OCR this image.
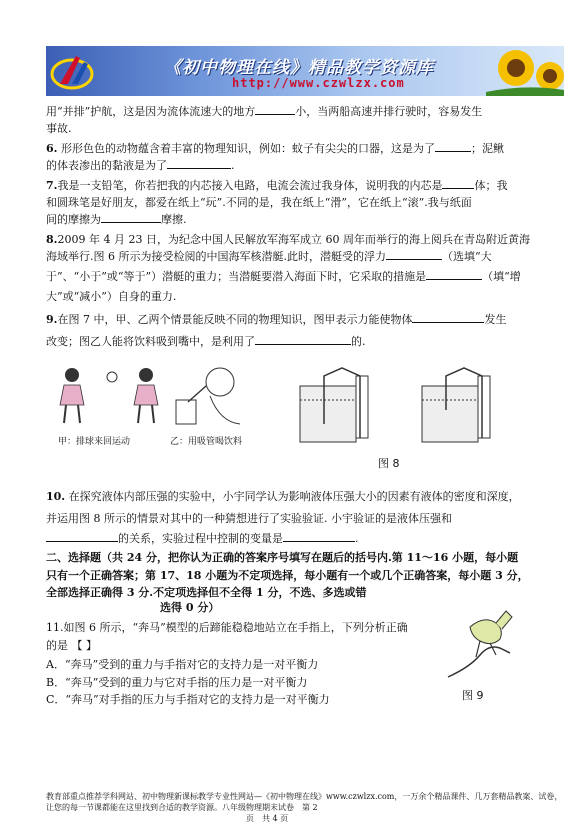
《初中物理在线》精品教学资源库
http://www.czwlzx.com
用“并排”护航，这是因为流体流速大的地方	小，当两船高速并排行驶时，容易发生
事故.
6. 形形色色的动物蕴含着丰富的物理知识，例如：蚊子有尖尖的口器，这是为了	；泥鳅
的体表渗出的黏液是为了	.
7.我是一支铅笔，你若把我的内芯接入电路，电流会流过我身体，说明我的内芯是	体；我
和圆珠笔是好朋友，都爱在纸上“玩”.不同的是，我在纸上“滑”，它在纸上“滚”.我与纸面
间的摩擦为	摩擦.
8.2009 年 4 月 23 日，为纪念中国人民解放军海军成立 60 周年而举行的海上阅兵在青岛附近黄海
海域举行.图 6 所示为接受检阅的中国海军核潜艇.此时，潜艇受的浮力	（选填“大
于”、“小于”或“等于”）潜艇的重力；当潜艇要潜入海面下时，它采取的措施是	（填“增
大”或“减小”）自身的重力.
9.在图 7 中，甲、乙两个情景能反映不同的物理知识，图甲表示力能使物体	发生
改变；图乙人能将饮料吸到嘴中，是利用了	的.
甲：排球来回运动	乙：用吸管喝饮料
图 8
10. 在探究液体内部压强的实验中，小宇同学认为影响液体压强大小的因素有液体的密度和深度，
并运用图 8 所示的情景对其中的一种猜想进行了实验验证. 小宇验证的是液体压强和
的关系，实验过程中控制的变量是	.
二、选择题（共 24 分，把你认为正确的答案序号填写在题后的括号内.第 11～16 小题，每小题
只有一个正确答案；第 17、18 小题为不定项选择，每小题有一个或几个正确答案，每小题 3 分，
全部选择正确得 3 分.不定项选择但不全得 1 分，不选、多选或错
选得 0 分）
11.如图 6 所示，“奔马”模型的后蹄能稳稳地站立在手指上，下列分析正确
的是 【 】
A．“奔马”受到的重力与手指对它的支持力是一对平衡力
B．“奔马”受到的重力与它对手指的压力是一对平衡力
C．“奔马”对手指的压力与手指对它的支持力是一对平衡力	图 9
教育部重点推荐学科网站、初中物理新课标教学专业性网站—《初中物理在线》www.czwlzx.com，一万余个精品课件、几万套精品教案、试卷，让您的每一节课都能在这里找到合适的教学资源。八年级物理期末试卷　第 2
页　共 4 页
